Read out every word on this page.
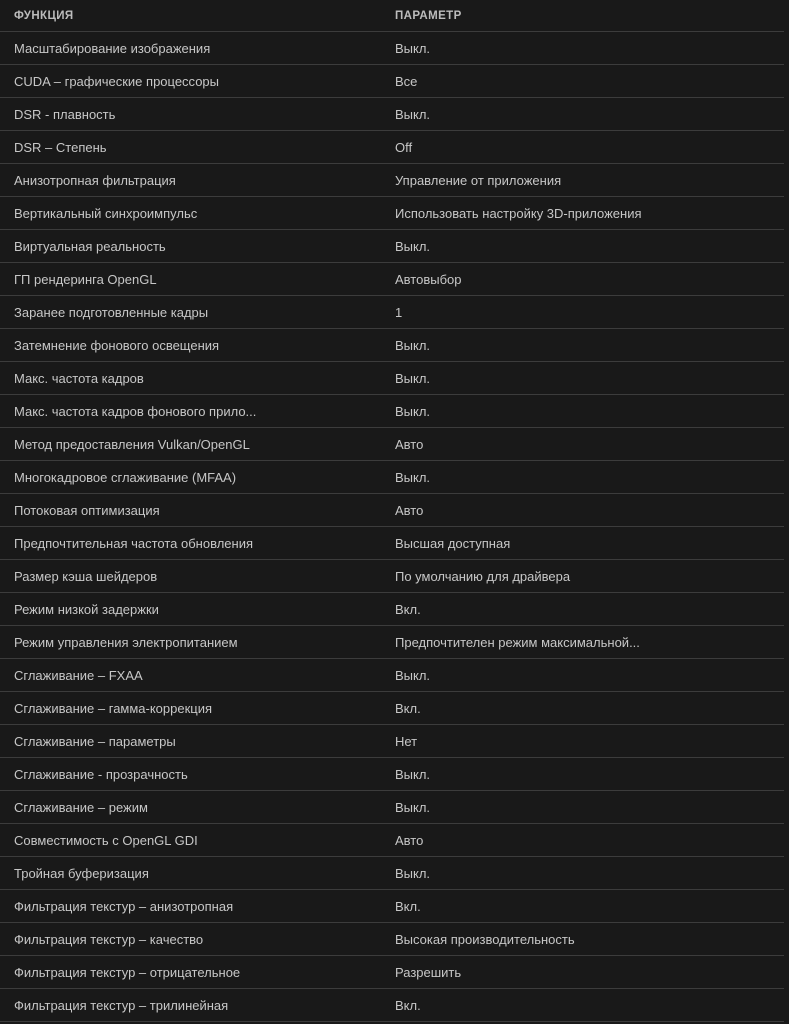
ФУНКЦИЯ	ПАРАМЕТР
Масштабирование изображения	Выкл.
CUDA – графические процессоры	Все
DSR - плавность	Выкл.
DSR – Степень	Off
Анизотропная фильтрация	Управление от приложения
Вертикальный синхроимпульс	Использовать настройку 3D-приложения
Виртуальная реальность	Выкл.
ГП рендеринга OpenGL	Автовыбор
Заранее подготовленные кадры	1
Затемнение фонового освещения	Выкл.
Макс. частота кадров	Выкл.
Макс. частота кадров фонового прило...	Выкл.
Метод предоставления Vulkan/OpenGL	Авто
Многокадровое сглаживание (MFAA)	Выкл.
Потоковая оптимизация	Авто
Предпочтительная частота обновления	Высшая доступная
Размер кэша шейдеров	По умолчанию для драйвера
Режим низкой задержки	Вкл.
Режим управления электропитанием	Предпочтителен режим максимальной...
Сглаживание – FXAA	Выкл.
Сглаживание – гамма-коррекция	Вкл.
Сглаживание – параметры	Нет
Сглаживание - прозрачность	Выкл.
Сглаживание – режим	Выкл.
Совместимость с OpenGL GDI	Авто
Тройная буферизация	Выкл.
Фильтрация текстур – анизотропная	Вкл.
Фильтрация текстур – качество	Высокая производительность
Фильтрация текстур – отрицательное	Разрешить
Фильтрация текстур – трилинейная	Вкл.
